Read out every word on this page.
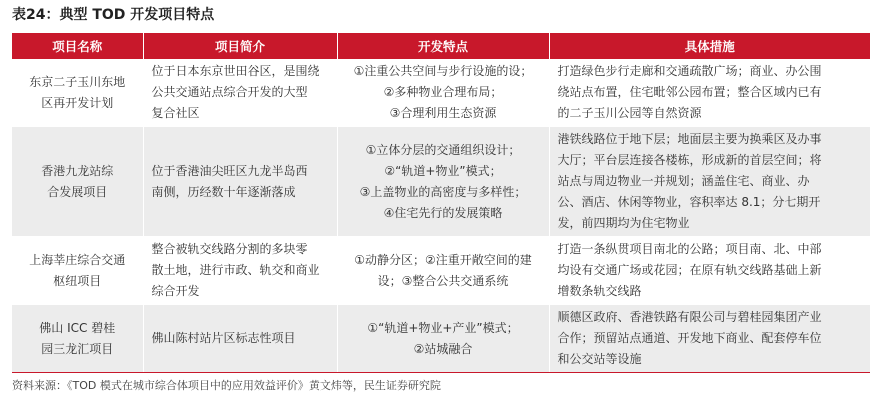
表24：典型 TOD 开发项目特点
项目名称	项目简介	开发特点	具体措施

东京二子玉川东地
区再开发计划	位于日本东京世田谷区，是围绕
公共交通站点综合开发的大型
复合社区	①注重公共空间与步行设施的设；
②多种物业合理布局；
③合理利用生态资源	打造绿色步行走廊和交通疏散广场；商业、办公围
绕站点布置，住宅毗邻公园布置；整合区域内已有
的二子玉川公园等自然资源

香港九龙站综
合发展项目	位于香港油尖旺区九龙半岛西
南侧，历经数十年逐渐落成	①立体分层的交通组织设计；
②“轨道+物业”模式；
③上盖物业的高密度与多样性；
④住宅先行的发展策略	港铁线路位于地下层；地面层主要为换乘区及办事
大厅；平台层连接各楼栋，形成新的首层空间；将
站点与周边物业一并规划；涵盖住宅、商业、办
公、酒店、休闲等物业，容积率达 8.1；分七期开
发，前四期均为住宅物业

上海莘庄综合交通
枢纽项目	整合被轨交线路分割的多块零
散土地，进行市政、轨交和商业
综合开发	①动静分区；②注重开敞空间的建
设；③整合公共交通系统	打造一条纵贯项目南北的公路；项目南、北、中部
均设有交通广场或花园；在原有轨交线路基础上新
增数条轨交线路

佛山 ICC 碧桂
园三龙汇项目	佛山陈村站片区标志性项目	①“轨道+物业+产业”模式；
②站城融合	顺德区政府、香港铁路有限公司与碧桂园集团产业
合作；预留站点通道、开发地下商业、配套停车位
和公交站等设施
资料来源：《TOD 模式在城市综合体项目中的应用效益评价》黄文炜等，民生证券研究院
